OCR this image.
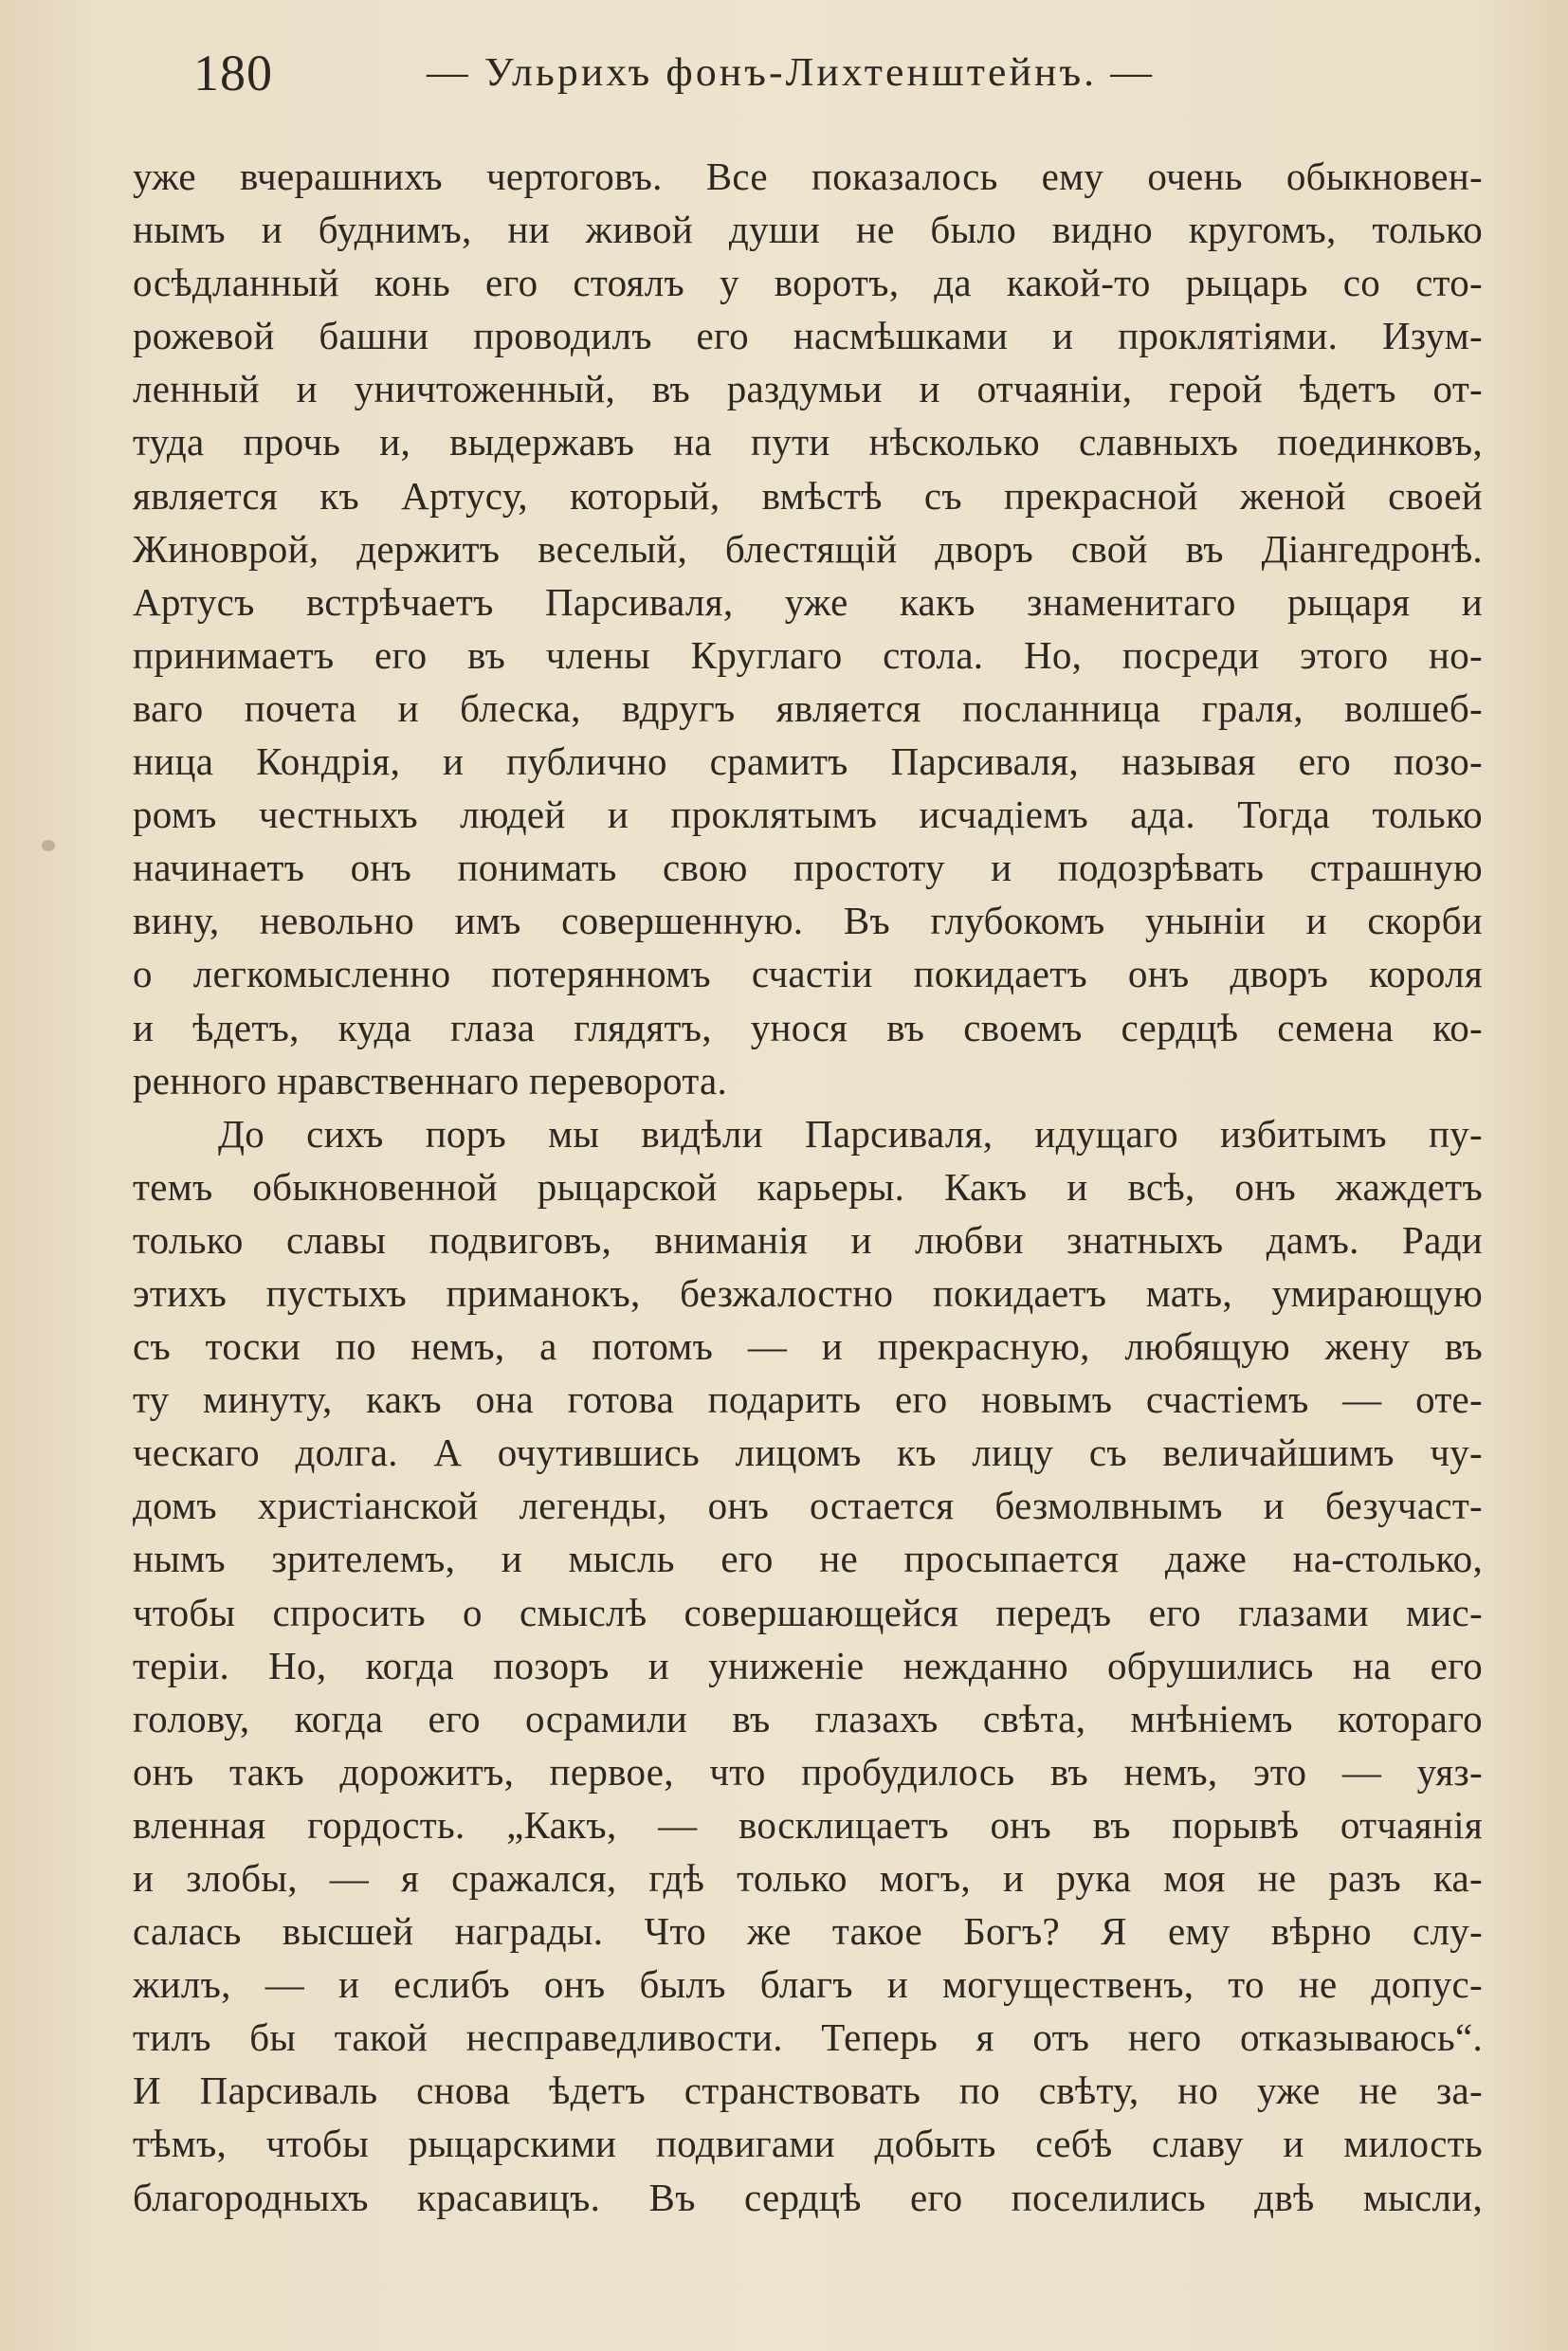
180	— Ульрихъ фонъ-Лихтенштейнъ. —
уже вчерашнихъ чертоговъ. Все показалось ему очень обыкновен-
нымъ и буднимъ, ни живой души не было видно кругомъ, только
осѣдланный конь его стоялъ у воротъ, да какой-то рыцарь со сто-
рожевой башни проводилъ его насмѣшками и проклятіями. Изум-
ленный и уничтоженный, въ раздумьи и отчаяніи, герой ѣдетъ от-
туда прочь и, выдержавъ на пути нѣсколько славныхъ поединковъ,
является къ Артусу, который, вмѣстѣ съ прекрасной женой своей
Жиноврой, держитъ веселый, блестящій дворъ свой въ Діангедронѣ.
Артусъ встрѣчаетъ Парсиваля, уже какъ знаменитаго рыцаря и
принимаетъ его въ члены Круглаго стола. Но, посреди этого но-
ваго почета и блеска, вдругъ является посланница граля, волшеб-
ница Кондрія, и публично срамитъ Парсиваля, называя его позо-
ромъ честныхъ людей и проклятымъ исчадіемъ ада. Тогда только
начинаетъ онъ понимать свою простоту и подозрѣвать страшную
вину, невольно имъ совершенную. Въ глубокомъ уныніи и скорби
о легкомысленно потерянномъ счастіи покидаетъ онъ дворъ короля
и ѣдетъ, куда глаза глядятъ, унося въ своемъ сердцѣ семена ко-
ренного нравственнаго переворота.
До сихъ поръ мы видѣли Парсиваля, идущаго избитымъ пу-
темъ обыкновенной рыцарской карьеры. Какъ и всѣ, онъ жаждетъ
только славы подвиговъ, вниманія и любви знатныхъ дамъ. Ради
этихъ пустыхъ приманокъ, безжалостно покидаетъ мать, умирающую
съ тоски по немъ, а потомъ — и прекрасную, любящую жену въ
ту минуту, какъ она готова подарить его новымъ счастіемъ — оте-
ческаго долга. А очутившись лицомъ къ лицу съ величайшимъ чу-
домъ христіанской легенды, онъ остается безмолвнымъ и безучаст-
нымъ зрителемъ, и мысль его не просыпается даже на-столько,
чтобы спросить о смыслѣ совершающейся передъ его глазами мис-
теріи. Но, когда позоръ и униженіе нежданно обрушились на его
голову, когда его осрамили въ глазахъ свѣта, мнѣніемъ котораго
онъ такъ дорожитъ, первое, что пробудилось въ немъ, это — уяз-
вленная гордость. „Какъ, — восклицаетъ онъ въ порывѣ отчаянія
и злобы, — я сражался, гдѣ только могъ, и рука моя не разъ ка-
салась высшей награды. Что же такое Богъ? Я ему вѣрно слу-
жилъ, — и еслибъ онъ былъ благъ и могущественъ, то не допус-
тилъ бы такой несправедливости. Теперь я отъ него отказываюсь“.
И Парсиваль снова ѣдетъ странствовать по свѣту, но уже не за-
тѣмъ, чтобы рыцарскими подвигами добыть себѣ славу и милость
благородныхъ красавицъ. Въ сердцѣ его поселились двѣ мысли,
